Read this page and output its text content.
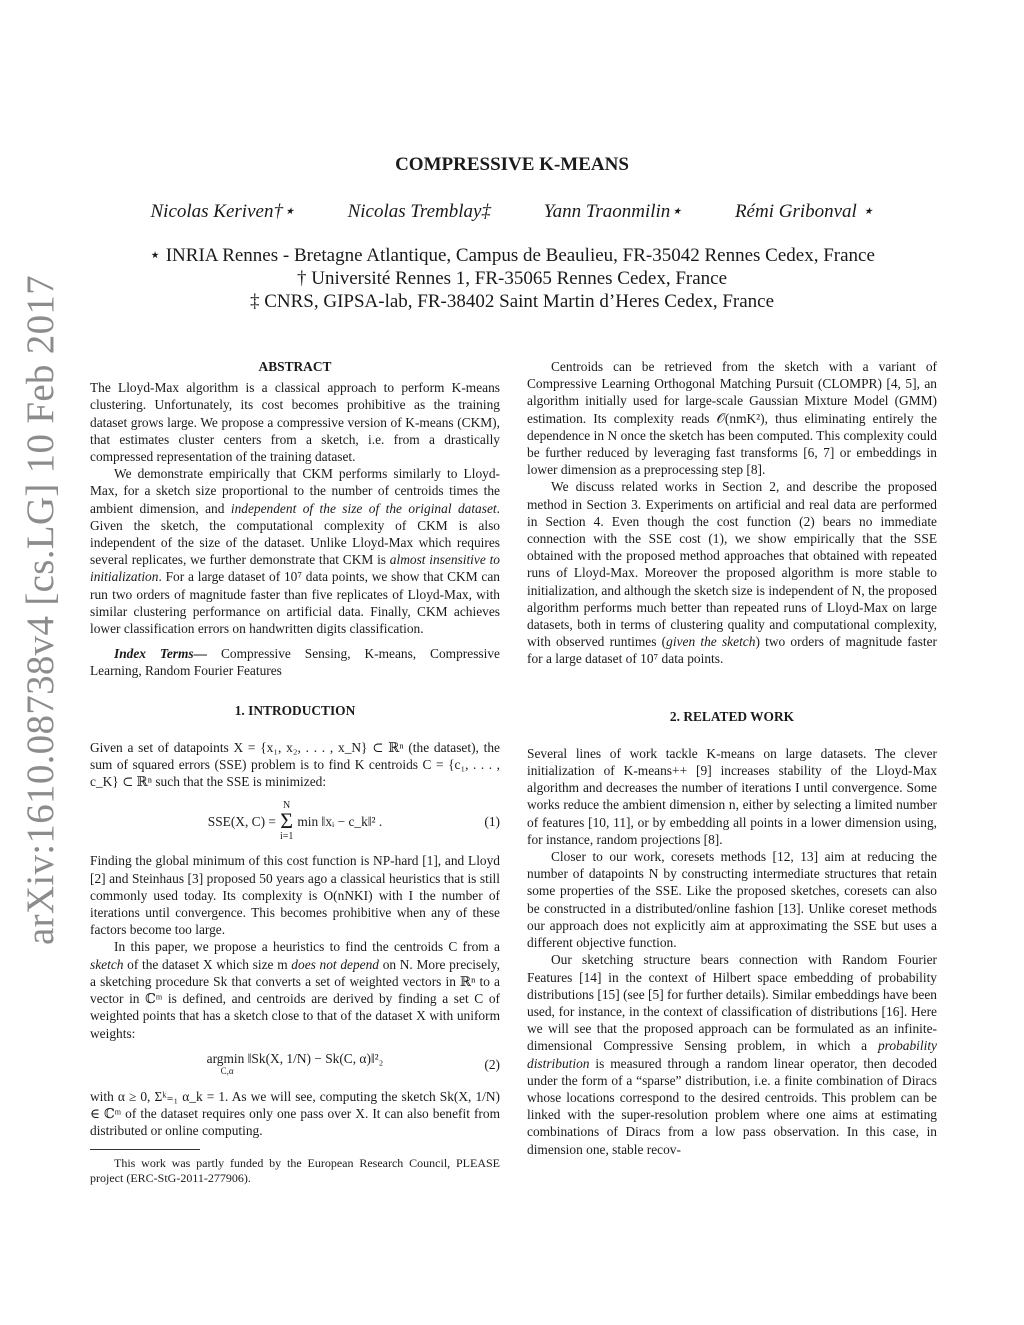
arXiv:1610.08738v4 [cs.LG] 10 Feb 2017
COMPRESSIVE K-MEANS
Nicolas Keriven†⋆	Nicolas Tremblay‡	Yann Traonmilin⋆	Rémi Gribonval ⋆
⋆ INRIA Rennes - Bretagne Atlantique, Campus de Beaulieu, FR-35042 Rennes Cedex, France
† Université Rennes 1, FR-35065 Rennes Cedex, France
‡ CNRS, GIPSA-lab, FR-38402 Saint Martin d’Heres Cedex, France
ABSTRACT

The Lloyd-Max algorithm is a classical approach to perform K-means clustering. Unfortunately, its cost becomes prohibitive as the training dataset grows large. We propose a compressive version of K-means (CKM), that estimates cluster centers from a sketch, i.e. from a drastically compressed representation of the training dataset.

We demonstrate empirically that CKM performs similarly to Lloyd-Max, for a sketch size proportional to the number of centroids times the ambient dimension, and independent of the size of the original dataset. Given the sketch, the computational complexity of CKM is also independent of the size of the dataset. Unlike Lloyd-Max which requires several replicates, we further demonstrate that CKM is almost insensitive to initialization. For a large dataset of 10⁷ data points, we show that CKM can run two orders of magnitude faster than five replicates of Lloyd-Max, with similar clustering performance on artificial data. Finally, CKM achieves lower classification errors on handwritten digits classification.

Index Terms— Compressive Sensing, K-means, Compressive Learning, Random Fourier Features

1. INTRODUCTION

Given a set of datapoints X = {x₁, x₂, . . . , x_N} ⊂ ℝⁿ (the dataset), the sum of squared errors (SSE) problem is to find K centroids C = {c₁, . . . , c_K} ⊂ ℝⁿ such that the SSE is minimized:

SSE(X, C) =
N
Σ
i=1
min ‖xᵢ − c_k‖² .	(1)

Finding the global minimum of this cost function is NP-hard [1], and Lloyd [2] and Steinhaus [3] proposed 50 years ago a classical heuristics that is still commonly used today. Its complexity is O(nNKI) with I the number of iterations until convergence. This becomes prohibitive when any of these factors become too large.

In this paper, we propose a heuristics to find the centroids C from a sketch of the dataset X which size m does not depend on N. More precisely, a sketching procedure Sk that converts a set of weighted vectors in ℝⁿ to a vector in ℂᵐ is defined, and centroids are derived by finding a set C of weighted points that has a sketch close to that of the dataset X with uniform weights:

argmin ‖Sk(X, 1/N) − Sk(C, α)‖²₂
C,α	(2)

with α ≥ 0, Σᵏ₌₁ α_k = 1. As we will see, computing the sketch Sk(X, 1/N) ∈ ℂᵐ of the dataset requires only one pass over X. It can also benefit from distributed or online computing.

This work was partly funded by the European Research Council, PLEASE project (ERC-StG-2011-277906).

Centroids can be retrieved from the sketch with a variant of Compressive Learning Orthogonal Matching Pursuit (CLOMPR) [4, 5], an algorithm initially used for large-scale Gaussian Mixture Model (GMM) estimation. Its complexity reads 𝒪(nmK²), thus eliminating entirely the dependence in N once the sketch has been computed. This complexity could be further reduced by leveraging fast transforms [6, 7] or embeddings in lower dimension as a preprocessing step [8].

We discuss related works in Section 2, and describe the proposed method in Section 3. Experiments on artificial and real data are performed in Section 4. Even though the cost function (2) bears no immediate connection with the SSE cost (1), we show empirically that the SSE obtained with the proposed method approaches that obtained with repeated runs of Lloyd-Max. Moreover the proposed algorithm is more stable to initialization, and although the sketch size is independent of N, the proposed algorithm performs much better than repeated runs of Lloyd-Max on large datasets, both in terms of clustering quality and computational complexity, with observed runtimes (given the sketch) two orders of magnitude faster for a large dataset of 10⁷ data points.

2. RELATED WORK

Several lines of work tackle K-means on large datasets. The clever initialization of K-means++ [9] increases stability of the Lloyd-Max algorithm and decreases the number of iterations I until convergence. Some works reduce the ambient dimension n, either by selecting a limited number of features [10, 11], or by embedding all points in a lower dimension using, for instance, random projections [8].

Closer to our work, coresets methods [12, 13] aim at reducing the number of datapoints N by constructing intermediate structures that retain some properties of the SSE. Like the proposed sketches, coresets can also be constructed in a distributed/online fashion [13]. Unlike coreset methods our approach does not explicitly aim at approximating the SSE but uses a different objective function.

Our sketching structure bears connection with Random Fourier Features [14] in the context of Hilbert space embedding of probability distributions [15] (see [5] for further details). Similar embeddings have been used, for instance, in the context of classification of distributions [16]. Here we will see that the proposed approach can be formulated as an infinite-dimensional Compressive Sensing problem, in which a probability distribution is measured through a random linear operator, then decoded under the form of a “sparse” distribution, i.e. a finite combination of Diracs whose locations correspond to the desired centroids. This problem can be linked with the super-resolution problem where one aims at estimating combinations of Diracs from a low pass observation. In this case, in dimension one, stable recov-
